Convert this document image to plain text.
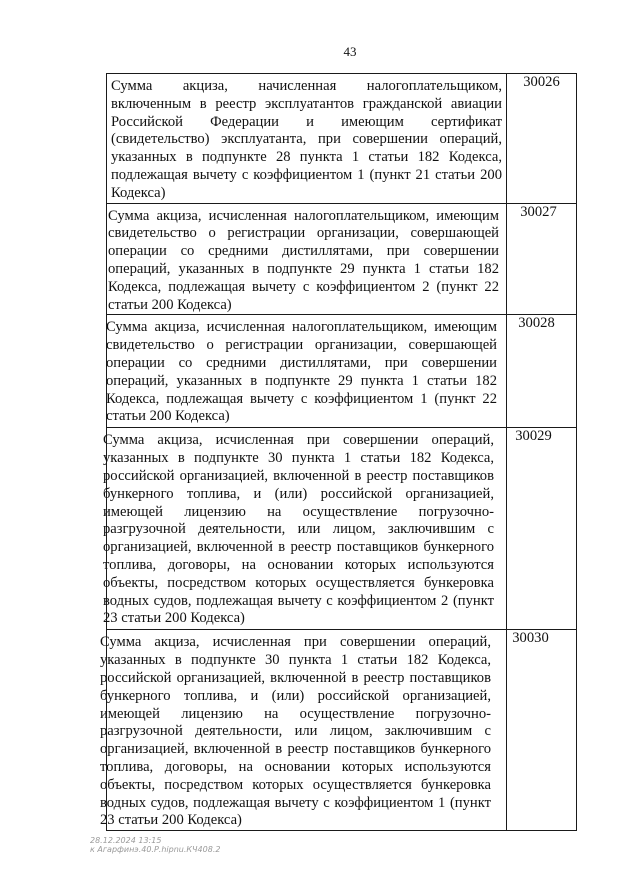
43
Сумма акциза, начисленная налогоплательщиком, включенным в реестр эксплуатантов гражданской авиации Российской Федерации и имеющим сертификат (свидетельство) эксплуатанта, при совершении операций, указанных в подпункте 28 пункта 1 статьи 182 Кодекса, подлежащая вычету с коэффициентом 1 (пункт 21 статьи 200 Кодекса)	30026

Сумма акциза, исчисленная налогоплательщиком, имеющим свидетельство о регистрации организации, совершающей операции со средними дистиллятами, при совершении операций, указанных в подпункте 29 пункта 1 статьи 182 Кодекса, подлежащая вычету с коэффициентом 2 (пункт 22 статьи 200 Кодекса)	30027

Сумма акциза, исчисленная налогоплательщиком, имеющим свидетельство о регистрации организации, совершающей операции со средними дистиллятами, при совершении операций, указанных в подпункте 29 пункта 1 статьи 182 Кодекса, подлежащая вычету с коэффициентом 1 (пункт 22 статьи 200 Кодекса)	30028

Сумма акциза, исчисленная при совершении операций, указанных в подпункте 30 пункта 1 статьи 182 Кодекса, российской организацией, включенной в реестр поставщиков бункерного топлива, и (или) российской организацией, имеющей лицензию на осуществление погрузочно-разгрузочной деятельности, или лицом, заключившим с организацией, включенной в реестр поставщиков бункерного топлива, договоры, на основании которых используются объекты, посредством которых осуществляется бункеровка водных судов, подлежащая вычету с коэффициентом 2 (пункт 23 статьи 200 Кодекса)	30029

Сумма акциза, исчисленная при совершении операций, указанных в подпункте 30 пункта 1 статьи 182 Кодекса, российской организацией, включенной в реестр поставщиков бункерного топлива, и (или) российской организацией, имеющей лицензию на осуществление погрузочно-разгрузочной деятельности, или лицом, заключившим с организацией, включенной в реестр поставщиков бункерного топлива, договоры, на основании которых используются объекты, посредством которых осуществляется бункеровка водных судов, подлежащая вычету с коэффициентом 1 (пункт 23 статьи 200 Кодекса)	30030
28.12.2024 13:15
к Агарфинэ.40.Р.hipnu.КЧ408.2
